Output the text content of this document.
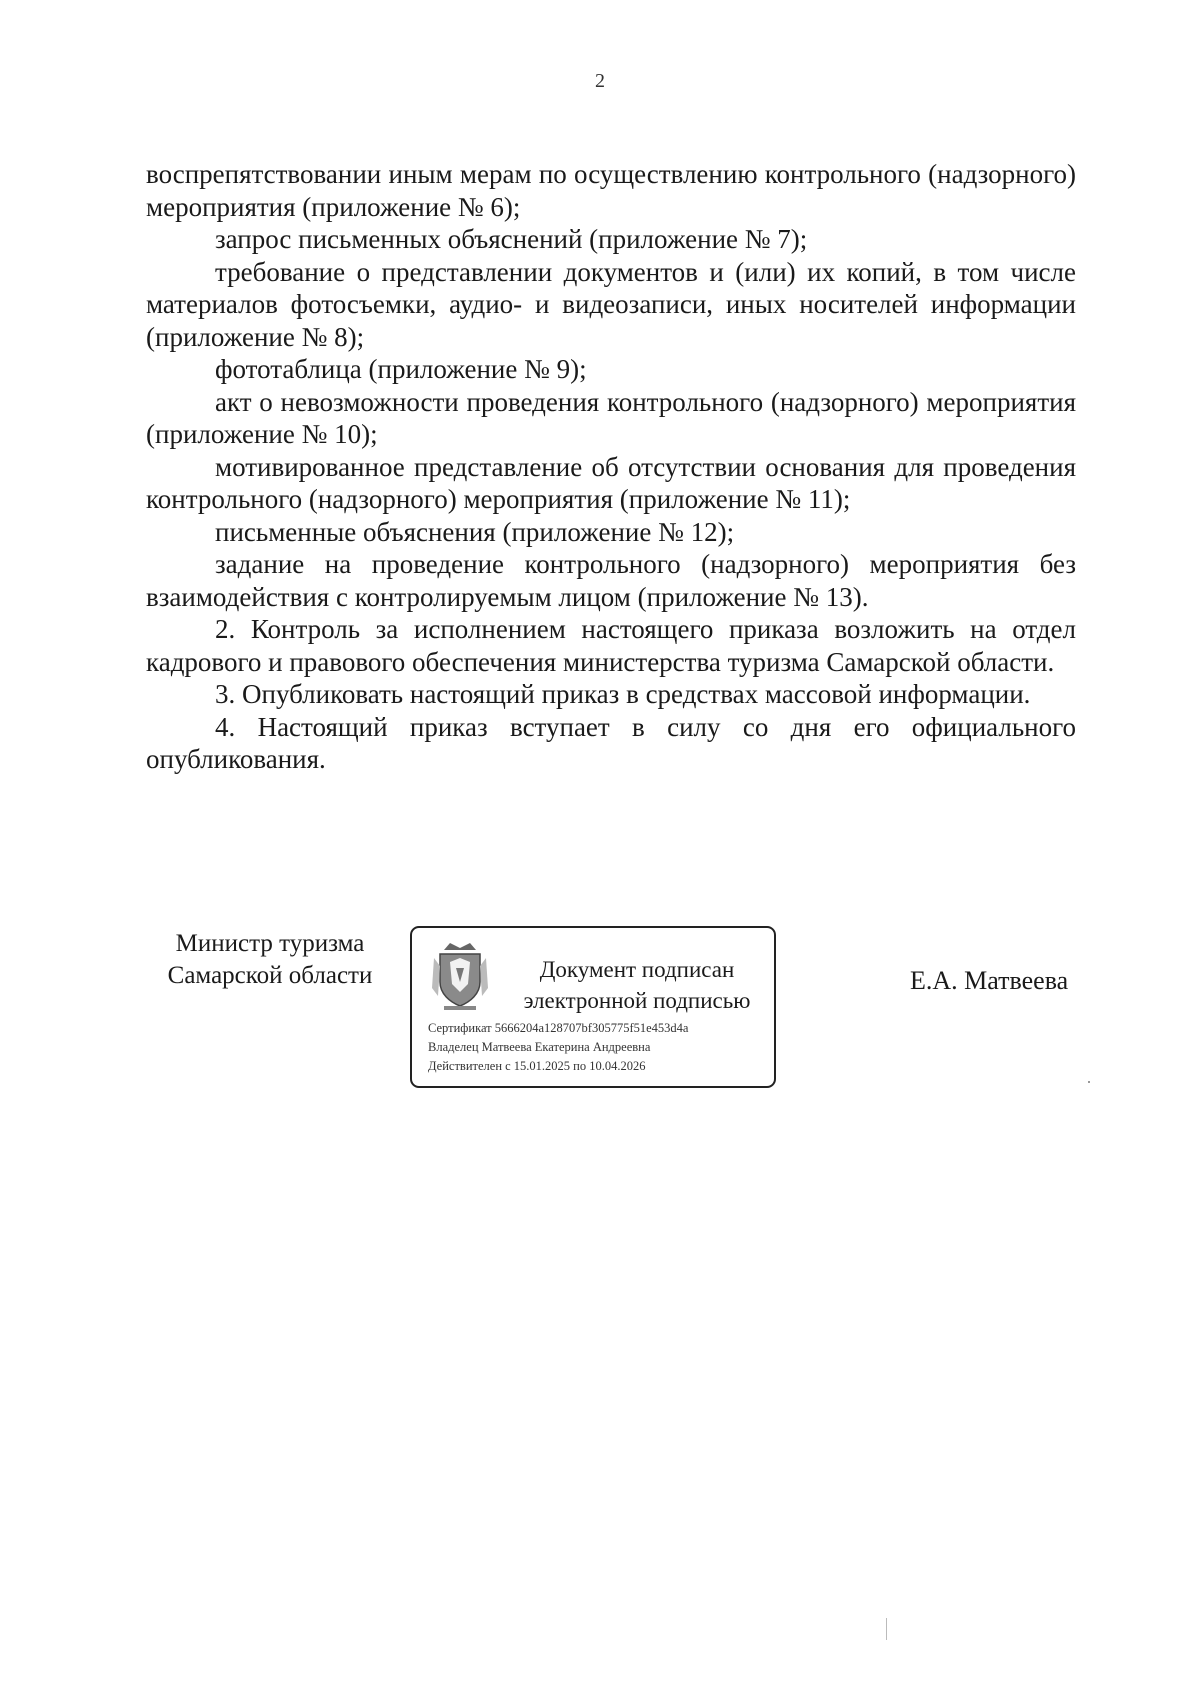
2

воспрепятствовании иным мерам по осуществлению контрольного (надзорного) мероприятия (приложение № 6);

запрос письменных объяснений (приложение № 7);

требование о представлении документов и (или) их копий, в том числе материалов фотосъемки, аудио- и видеозаписи, иных носителей информации (приложение № 8);

фототаблица (приложение № 9);

акт о невозможности проведения контрольного (надзорного) мероприятия (приложение № 10);

мотивированное представление об отсутствии основания для проведения контрольного (надзорного) мероприятия (приложение № 11);

письменные объяснения (приложение № 12);

задание на проведение контрольного (надзорного) мероприятия без взаимодействия с контролируемым лицом (приложение № 13).

2. Контроль за исполнением настоящего приказа возложить на отдел кадрового и правового обеспечения министерства туризма Самарской области.

3. Опубликовать настоящий приказ в средствах массовой информации.

4. Настоящий приказ вступает в силу со дня его официального опубликования.

Министр туризма
Самарской области	Документ подписан
электронной подписью
Сертификат 5666204a128707bf305775f51e453d4a
Владелец Матвеева Екатерина Андреевна
Действителен с 15.01.2025 по 10.04.2026
Е.А. Матвеева
